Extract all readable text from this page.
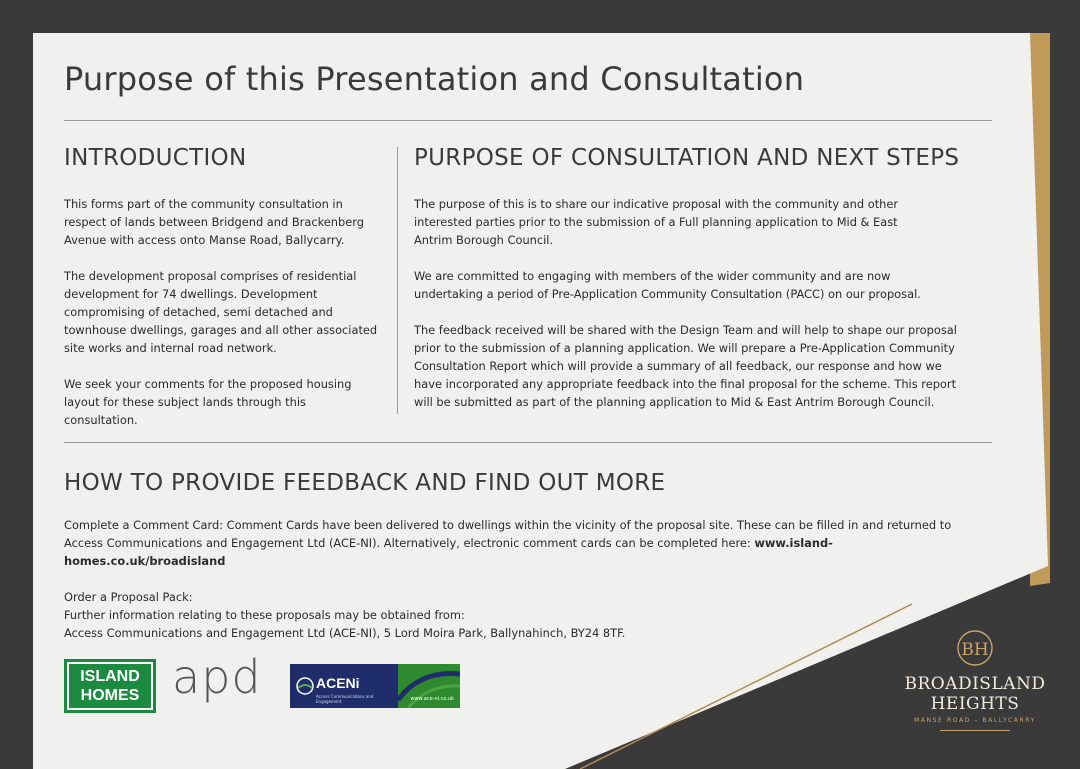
Purpose of this Presentation and Consultation
INTRODUCTION

This forms part of the community consultation in respect of lands between Bridgend and Brackenberg Avenue with access onto Manse Road, Ballycarry.

The development proposal comprises of residential development for 74 dwellings. Development compromising of detached, semi detached and townhouse dwellings, garages and all other associated site works and internal road network.

We seek your comments for the proposed housing layout for these subject lands through this consultation.

PURPOSE OF CONSULTATION AND NEXT STEPS

The purpose of this is to share our indicative proposal with the community and other interested parties prior to the submission of a Full planning application to Mid & East Antrim Borough Council.

We are committed to engaging with members of the wider community and are now undertaking a period of Pre-Application Community Consultation (PACC) on our proposal.

The feedback received will be shared with the Design Team and will help to shape our proposal prior to the submission of a planning application. We will prepare a Pre-Application Community Consultation Report which will provide a summary of all feedback, our response and how we have incorporated any appropriate feedback into the final proposal for the scheme. This report will be submitted as part of the planning application to Mid & East Antrim Borough Council.

HOW TO PROVIDE FEEDBACK AND FIND OUT MORE

Complete a Comment Card: Comment Cards have been delivered to dwellings within the vicinity of the proposal site. These can be filled in and returned to Access Communications and Engagement Ltd (ACE-NI). Alternatively, electronic comment cards can be completed here: www.island-homes.co.uk/broadisland

Order a Proposal Pack:

Further information relating to these proposals may be obtained from:

Access Communications and Engagement Ltd (ACE-NI), 5 Lord Moira Park, Ballynahinch, BY24 8TF.

ISLAND
HOMES apd	ACENi
Access Communications and Engagement	www.ace-ni.co.uk
BH
BROADISLAND
HEIGHTS
MANSE ROAD – BALLYCARRY
